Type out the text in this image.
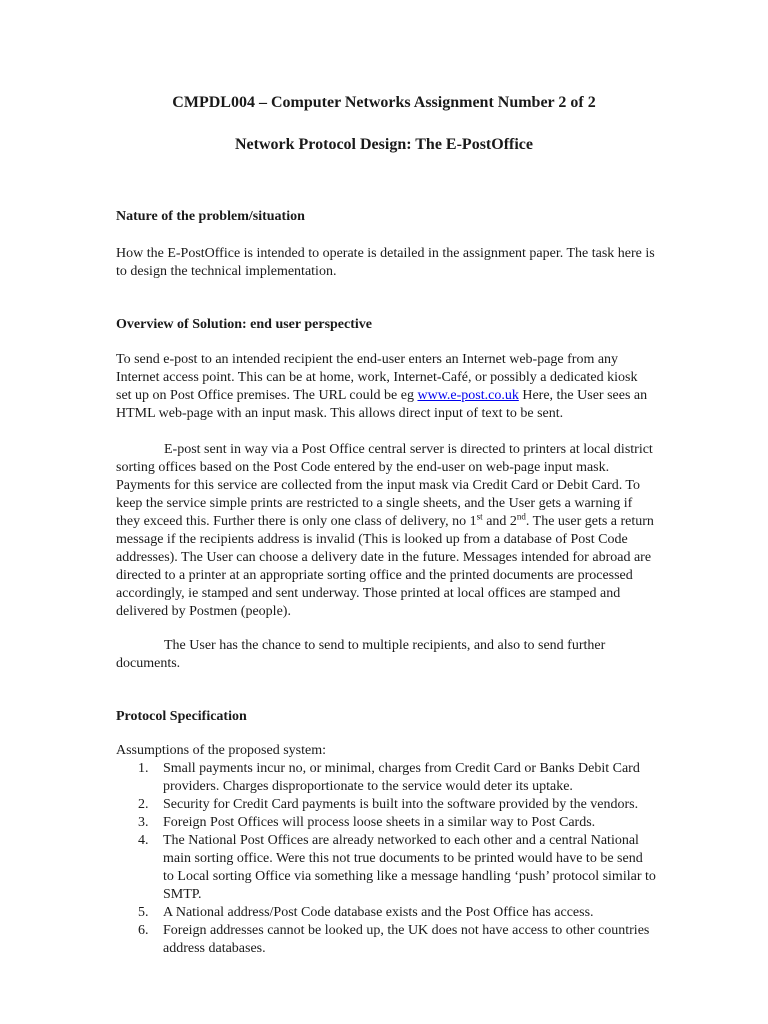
CMPDL004 – Computer Networks Assignment Number 2 of 2
Network Protocol Design: The E-PostOffice
Nature of the problem/situation

How the E-PostOffice is intended to operate is detailed in the assignment paper. The task here is to design the technical implementation.

Overview of Solution: end user perspective

To send e-post to an intended recipient the end-user enters an Internet web-page from any Internet access point. This can be at home, work, Internet-Café, or possibly a dedicated kiosk set up on Post Office premises. The URL could be eg www.e-post.co.uk Here, the User sees an HTML web-page with an input mask. This allows direct input of text to be sent.

E-post sent in way via a Post Office central server is directed to printers at local district sorting offices based on the Post Code entered by the end-user on web-page input mask. Payments for this service are collected from the input mask via Credit Card or Debit Card. To keep the service simple prints are restricted to a single sheets, and the User gets a warning if they exceed this. Further there is only one class of delivery, no 1st and 2nd. The user gets a return message if the recipients address is invalid (This is looked up from a database of Post Code addresses). The User can choose a delivery date in the future. Messages intended for abroad are directed to a printer at an appropriate sorting office and the printed documents are processed accordingly, ie stamped and sent underway. Those printed at local offices are stamped and delivered by Postmen (people).

The User has the chance to send to multiple recipients, and also to send further documents.

Protocol Specification

Assumptions of the proposed system:

1. Small payments incur no, or minimal, charges from Credit Card or Banks Debit Card providers. Charges disproportionate to the service would deter its uptake.
2. Security for Credit Card payments is built into the software provided by the vendors.
3. Foreign Post Offices will process loose sheets in a similar way to Post Cards.
4. The National Post Offices are already networked to each other and a central National main sorting office. Were this not true documents to be printed would have to be send to Local sorting Office via something like a message handling ‘push’ protocol similar to SMTP.
5. A National address/Post Code database exists and the Post Office has access.
6. Foreign addresses cannot be looked up, the UK does not have access to other countries address databases.
